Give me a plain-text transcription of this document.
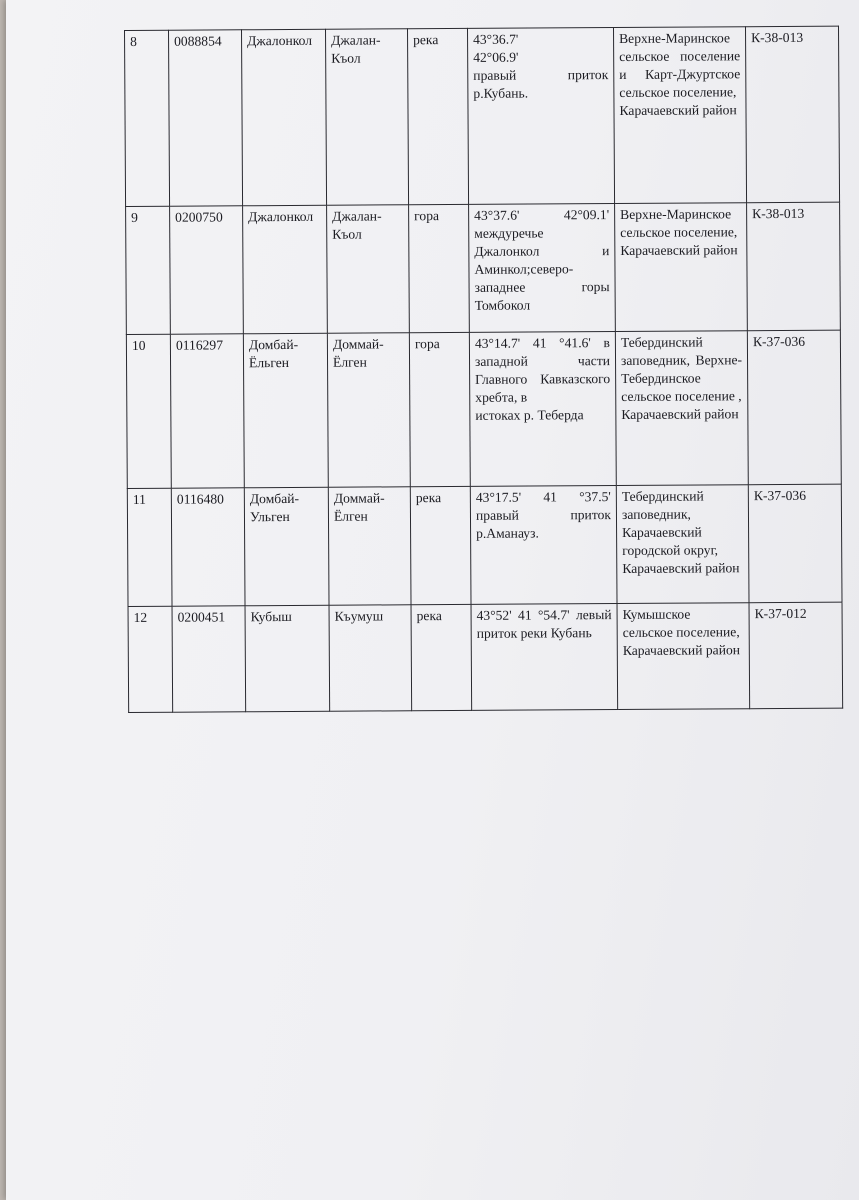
8	0088854	Джалонкол	Джалан-Къол	река	43°36.7'
42°06.9'
правый приток р.Кубань.	Верхне-Маринское сельское поселение и Карт-Джуртское сельское поселение,
Карачаевский район	К-38-013
9	0200750	Джалонкол	Джалан-Къол	гора	43°37.6' 42°09.1' междуречье Джалонкол и Аминкол;северо-западнее горы Томбокол	Верхне-Маринское сельское поселение,
Карачаевский район	К-38-013
10	0116297	Домбай-Ёльген	Доммай-Ёлген	гора	43°14.7' 41 °41.6' в западной части Главного Кавказского хребта, в
истоках р. Теберда	Тебердинский заповедник, Верхне-Тебердинское сельское поселение ,
Карачаевский район	К-37-036
11	0116480	Домбай-Ульген	Доммай-Ёлген	река	43°17.5' 41 °37.5' правый приток р.Аманауз.	Тебердинский заповедник, Карачаевский городской округ,
Карачаевский район	К-37-036
12	0200451	Кубыш	Къумуш	река	43°52' 41 °54.7' левый приток реки Кубань	Кумышское сельское поселение,
Карачаевский район	К-37-012
